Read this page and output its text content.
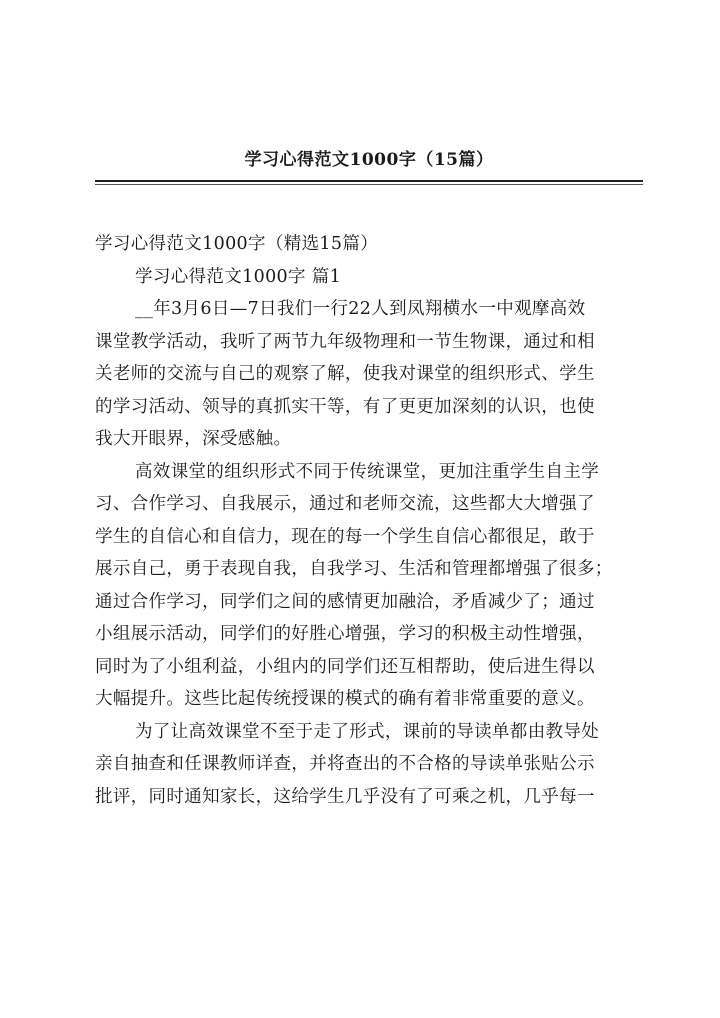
学习心得范文1000字（15篇）
学习心得范文1000字（精选15篇）
学习心得范文1000字 篇1
__年3月6日—7日我们一行22人到凤翔横水一中观摩高效
课堂教学活动，我听了两节九年级物理和一节生物课，通过和相
关老师的交流与自己的观察了解，使我对课堂的组织形式、学生
的学习活动、领导的真抓实干等，有了更更加深刻的认识，也使
我大开眼界，深受感触。
高效课堂的组织形式不同于传统课堂，更加注重学生自主学
习、合作学习、自我展示，通过和老师交流，这些都大大增强了
学生的自信心和自信力，现在的每一个学生自信心都很足，敢于
展示自己，勇于表现自我，自我学习、生活和管理都增强了很多；
通过合作学习，同学们之间的感情更加融洽，矛盾减少了；通过
小组展示活动，同学们的好胜心增强，学习的积极主动性增强，
同时为了小组利益，小组内的同学们还互相帮助，使后进生得以
大幅提升。这些比起传统授课的模式的确有着非常重要的意义。
为了让高效课堂不至于走了形式，课前的导读单都由教导处
亲自抽查和任课教师详查，并将查出的不合格的导读单张贴公示
批评，同时通知家长，这给学生几乎没有了可乘之机，几乎每一
